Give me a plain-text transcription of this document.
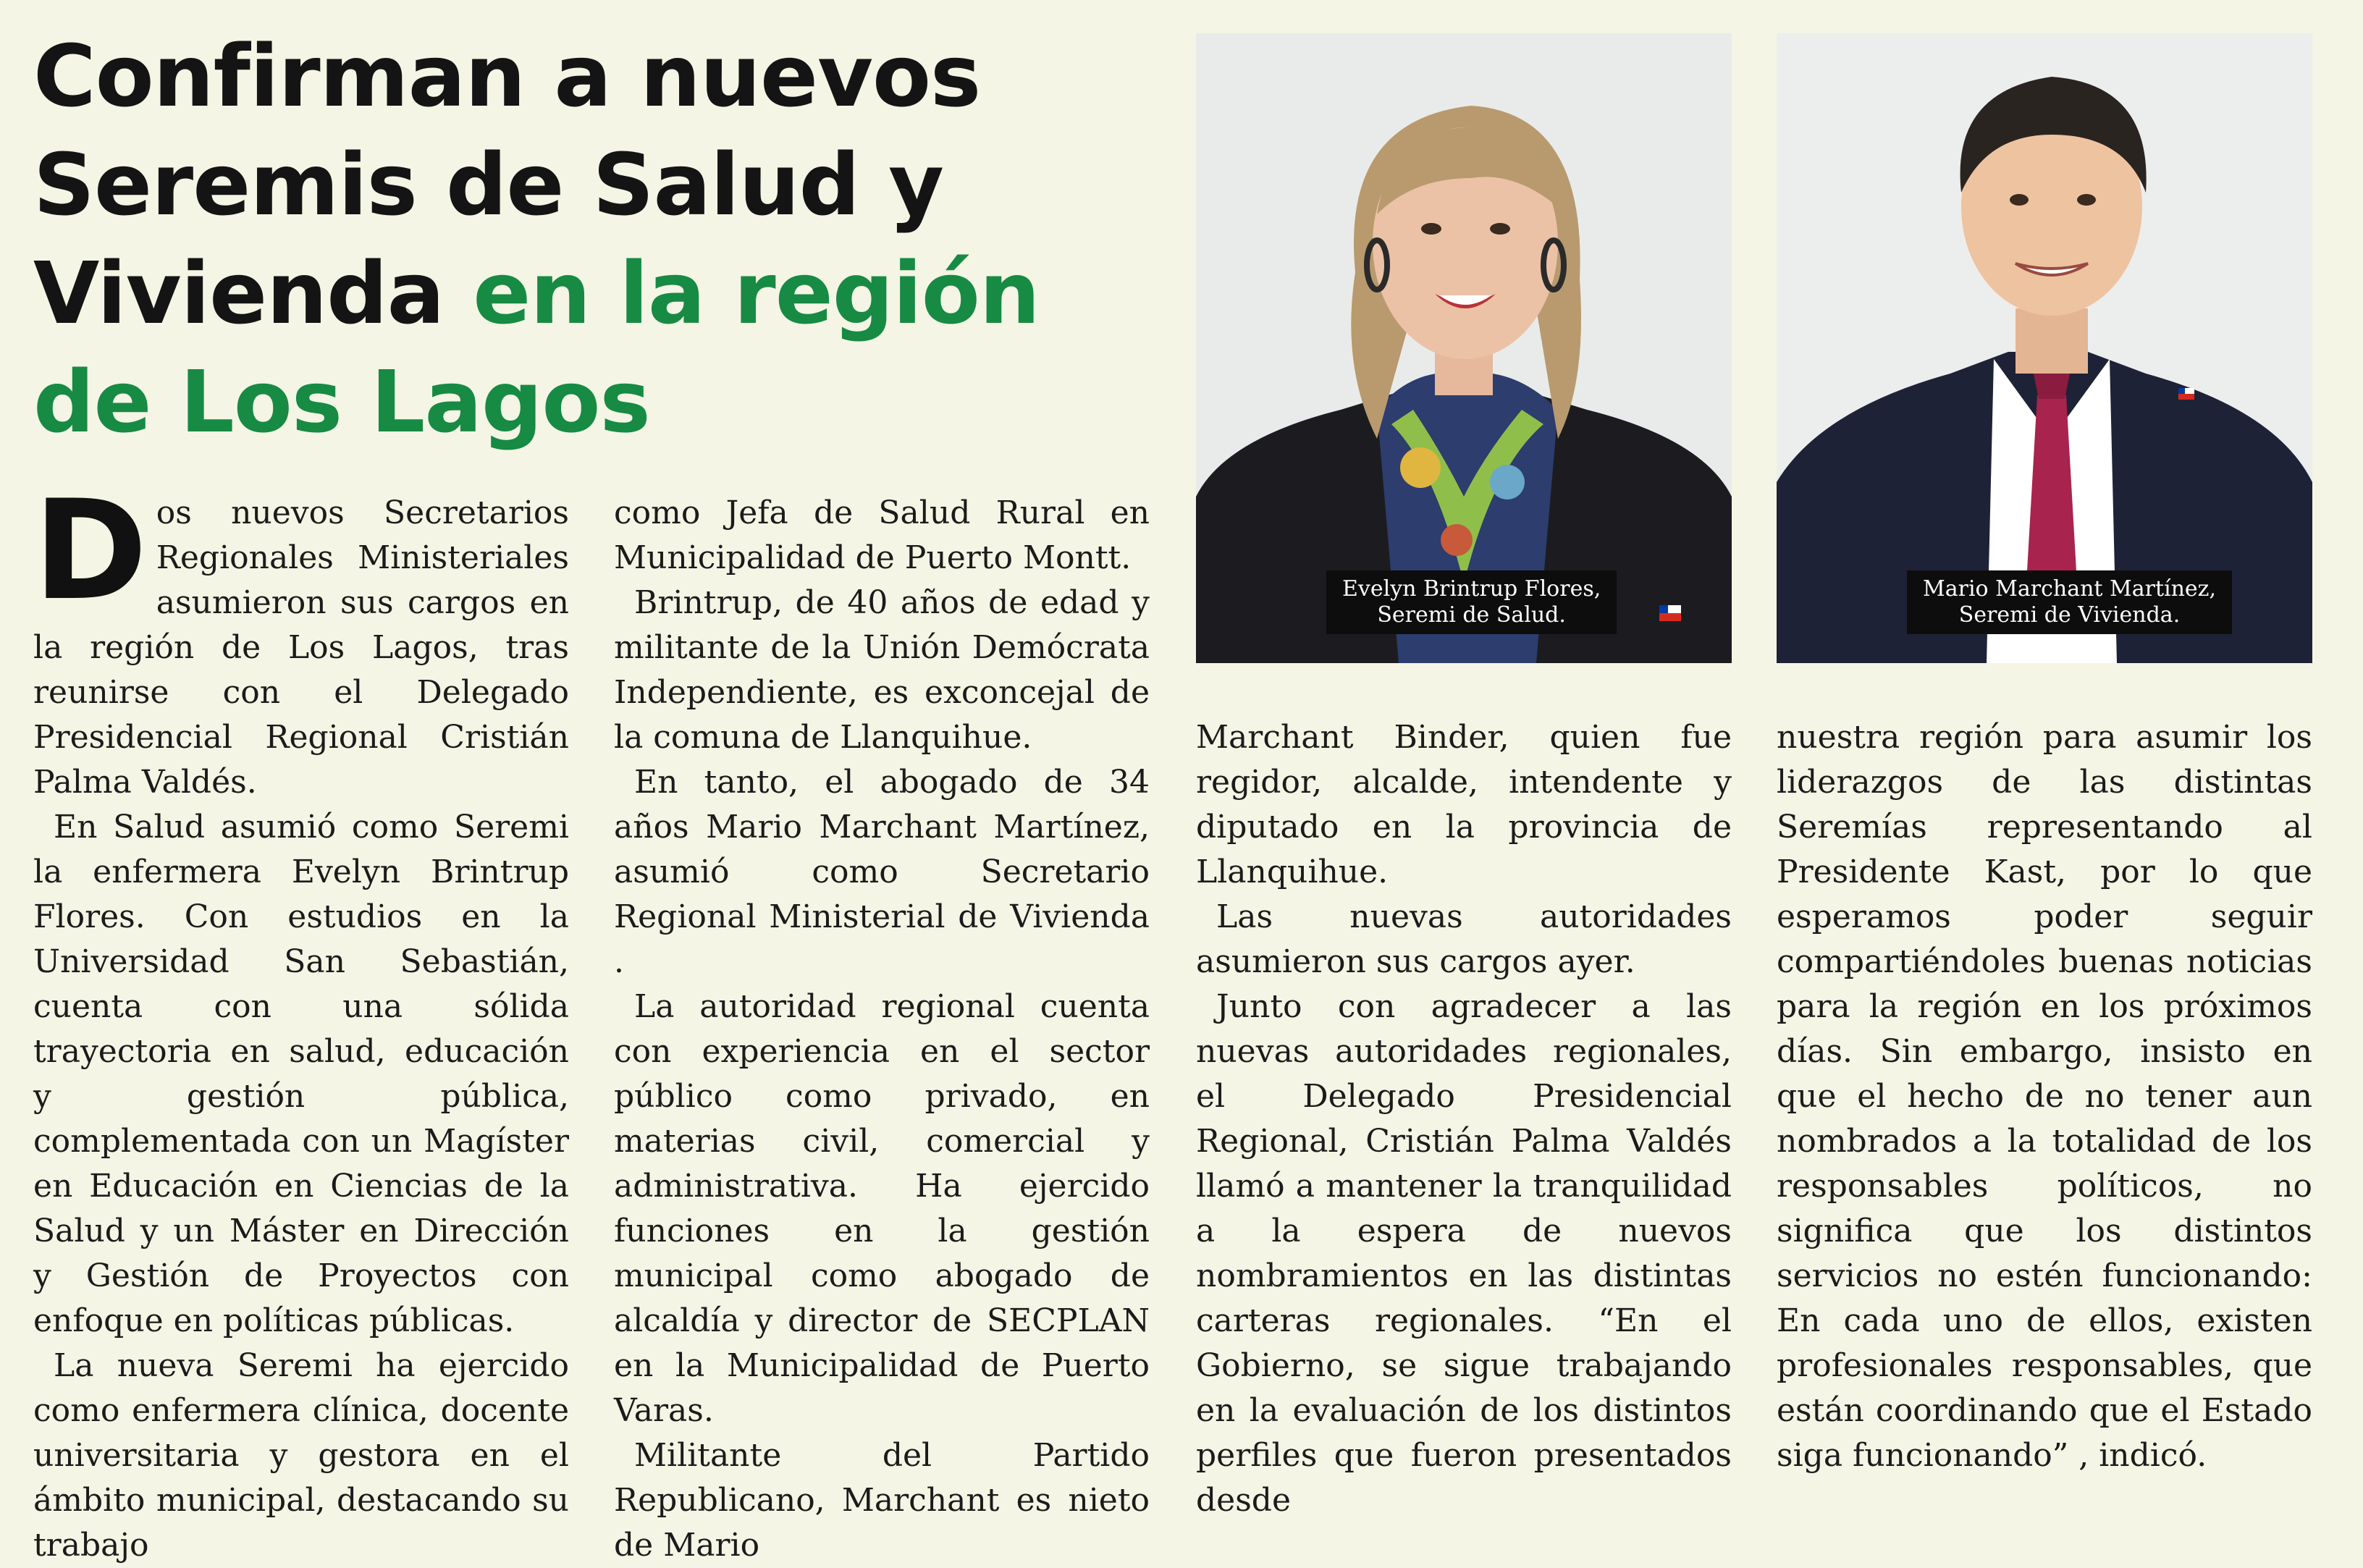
Confirman a nuevos
Seremis de Salud y
Vivienda en la región
de Los Lagos

Dos nuevos Secretarios Regionales Ministeriales asumieron sus cargos en la región de Los Lagos, tras reunirse con el Delegado Presidencial Regional Cristián Palma Valdés.

En Salud asumió como Seremi la enfermera Evelyn Brintrup Flores. Con estudios en la Universidad San Sebastián, cuenta con una sólida trayectoria en salud, educación y gestión pública, complementada con un Magíster en Educación en Ciencias de la Salud y un Máster en Dirección y Gestión de Proyectos con enfoque en políticas públicas.

La nueva Seremi ha ejercido como enfermera clínica, docente universitaria y gestora en el ámbito municipal, destacando su trabajo

como Jefa de Salud Rural en Municipalidad de Puerto Montt.

Brintrup, de 40 años de edad y militante de la Unión Demócrata Independiente, es exconcejal de la comuna de Llanquihue.

En tanto, el abogado de 34 años Mario Marchant Martínez, asumió como Secretario Regional Ministerial de Vivienda .

La autoridad regional cuenta con experiencia en el sector público como privado, en materias civil, comercial y administrativa. Ha ejercido funciones en la gestión municipal como abogado de alcaldía y director de SECPLAN en la Municipalidad de Puerto Varas.

Militante del Partido Republicano, Marchant es nieto de Mario

Evelyn Brintrup Flores,
Seremi de Salud.
Mario Marchant Martínez,
Seremi de Vivienda.

Marchant Binder, quien fue regidor, alcalde, intendente y diputado en la provincia de Llanquihue.

Las nuevas autoridades asumieron sus cargos ayer.

Junto con agradecer a las nuevas autoridades regionales, el Delegado Presidencial Regional, Cristián Palma Valdés llamó a mantener la tranquilidad a la espera de nuevos nombramientos en las distintas carteras regionales. “En el Gobierno, se sigue trabajando en la evaluación de los distintos perfiles que fueron presentados desde

nuestra región para asumir los liderazgos de las distintas Seremías representando al Presidente Kast, por lo que esperamos poder seguir compartiéndoles buenas noticias para la región en los próximos días. Sin embargo, insisto en que el hecho de no tener aun nombrados a la totalidad de los responsables políticos, no significa que los distintos servicios no estén funcionando: En cada uno de ellos, existen profesionales responsables, que están coordinando que el Estado siga funcionando” , indicó.
